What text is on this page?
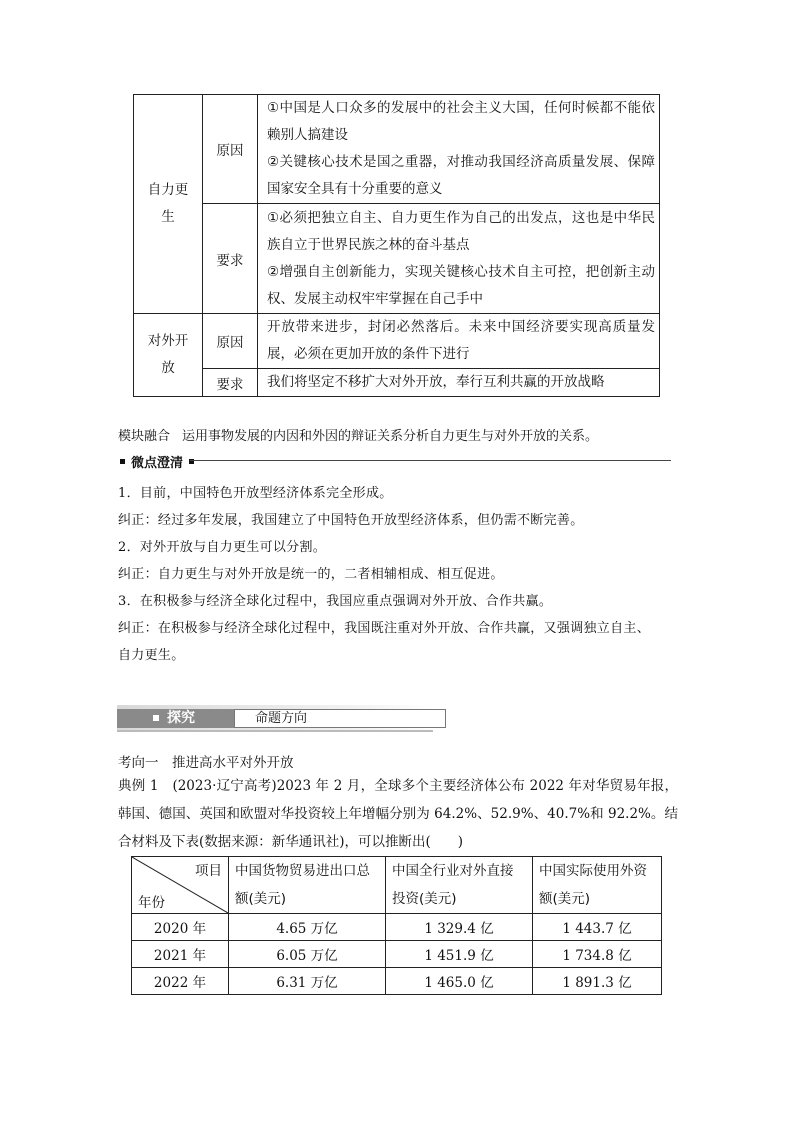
自力更生	原因	①中国是人口众多的发展中的社会主义大国，任何时候都不能依赖别人搞建设
②关键核心技术是国之重器，对推动我国经济高质量发展、保障国家安全具有十分重要的意义

	要求	①必须把独立自主、自力更生作为自己的出发点，这也是中华民族自立于世界民族之林的奋斗基点
②增强自主创新能力，实现关键核心技术自主可控，把创新主动权、发展主动权牢牢掌握在自己手中

对外开放	原因	开放带来进步，封闭必然落后。未来中国经济要实现高质量发展，必须在更加开放的条件下进行
	要求	我们将坚定不移扩大对外开放，奉行互利共赢的开放战略
模块融合 运用事物发展的内因和外因的辩证关系分析自力更生与对外开放的关系。
微点澄清
1．目前，中国特色开放型经济体系完全形成。
纠正：经过多年发展，我国建立了中国特色开放型经济体系，但仍需不断完善。
2．对外开放与自力更生可以分割。
纠正：自力更生与对外开放是统一的，二者相辅相成、相互促进。
3．在积极参与经济全球化过程中，我国应重点强调对外开放、合作共赢。
纠正：在积极参与经济全球化过程中，我国既注重对外开放、合作共赢，又强调独立自主、
自力更生。
探究	命题方向
考向一　推进高水平对外开放
典例 1　(2023·辽宁高考)2023 年 2 月，全球多个主要经济体公布 2022 年对华贸易年报，韩国、德国、英国和欧盟对华投资较上年增幅分别为 64.2%、52.9%、40.7%和 92.2%。结合材料及下表(数据来源：新华通讯社)，可以推断出(　　)
项目
年份	中国货物贸易进出口总额(美元)	中国全行业对外直接投资(美元)	中国实际使用外资额(美元)
2020 年	4.65 万亿	1 329.4 亿	1 443.7 亿
2021 年	6.05 万亿	1 451.9 亿	1 734.8 亿
2022 年	6.31 万亿	1 465.0 亿	1 891.3 亿
